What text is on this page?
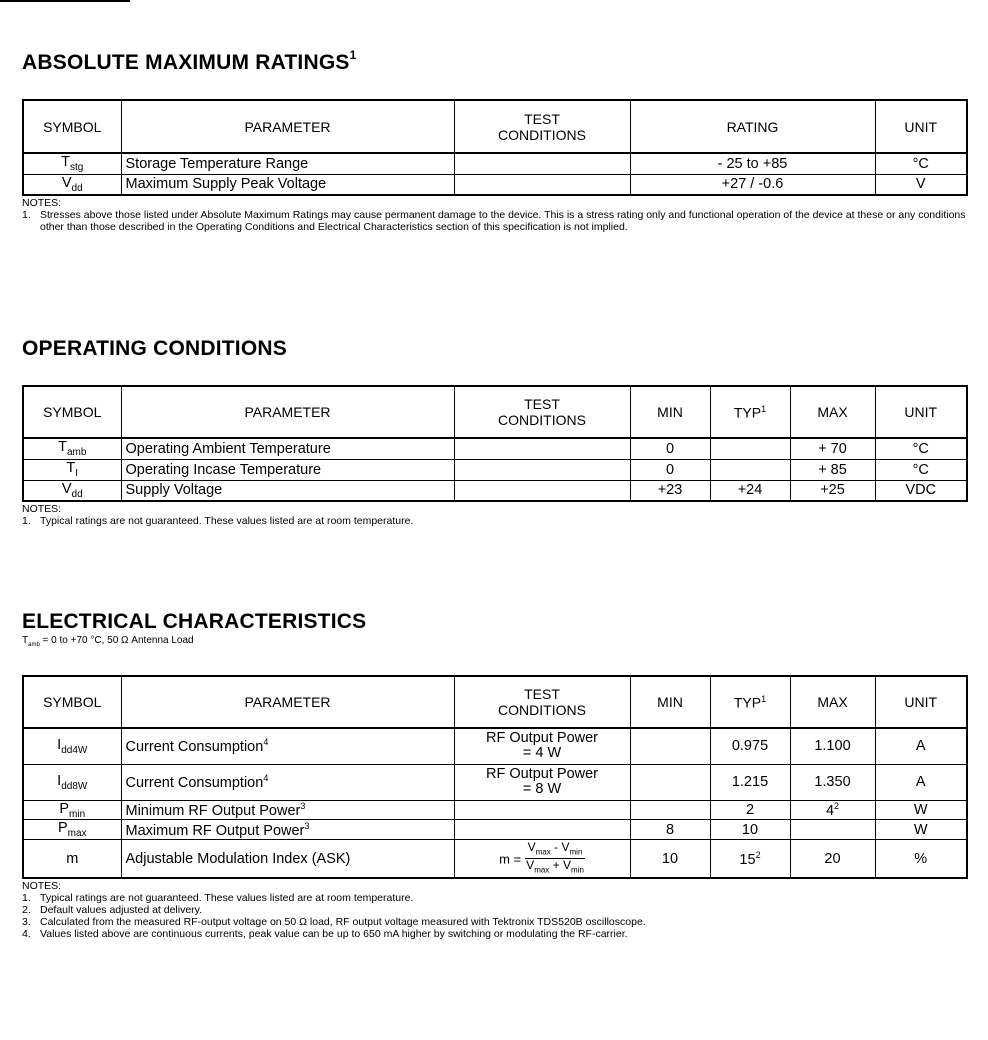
ABSOLUTE MAXIMUM RATINGS$^1$
SYMBOL	PARAMETER	TEST
CONDITIONS	RATING	UNIT
$T_{stg}$	Storage Temperature Range		- 25 to +85	°C
$V_{dd}$	Maximum Supply Peak Voltage		+27 / -0.6	V
NOTES:
1. Stresses above those listed under Absolute Maximum Ratings may cause permanent damage to the device. This is a stress rating only and functional operation of the device at these or any conditions other than those described in the Operating Conditions and Electrical Characteristics section of this specification is not implied.
OPERATING CONDITIONS
SYMBOL	PARAMETER	TEST
CONDITIONS	MIN	TYP$^1$	MAX	UNIT
$T_{amb}$	Operating Ambient Temperature		0		+ 70	°C
$T_I$	Operating Incase Temperature		0		+ 85	°C
$V_{dd}$	Supply Voltage		+23	+24	+25	VDC
NOTES:
1. Typical ratings are not guaranteed. These values listed are at room temperature.
ELECTRICAL CHARACTERISTICS
$T_{amb} = 0$ to +70 °C, 50 Ω Antenna Load
SYMBOL	PARAMETER	TEST
CONDITIONS	MIN	TYP$^1$	MAX	UNIT
$I_{dd4W}$	Current Consumption$^4$	RF Output Power
= 4 W		0.975	1.100	A
$I_{dd8W}$	Current Consumption$^4$	RF Output Power
= 8 W		1.215	1.350	A
$P_{min}$	Minimum RF Output Power$^3$			2	$4^2$	W
$P_{max}$	Maximum RF Output Power$^3$		8	10		W
m	Adjustable Modulation Index (ASK)	$m = \frac{V_{max} - V_{min}}{V_{max} + V_{min}}$	10	$15^2$	20	%
NOTES:
1. Typical ratings are not guaranteed. These values listed are at room temperature.
2. Default values adjusted at delivery.
3. Calculated from the measured RF-output voltage on 50 Ω load, RF output voltage measured with Tektronix TDS520B oscilloscope.
4. Values listed above are continuous currents, peak value can be up to 650 mA higher by switching or modulating the RF-carrier.
